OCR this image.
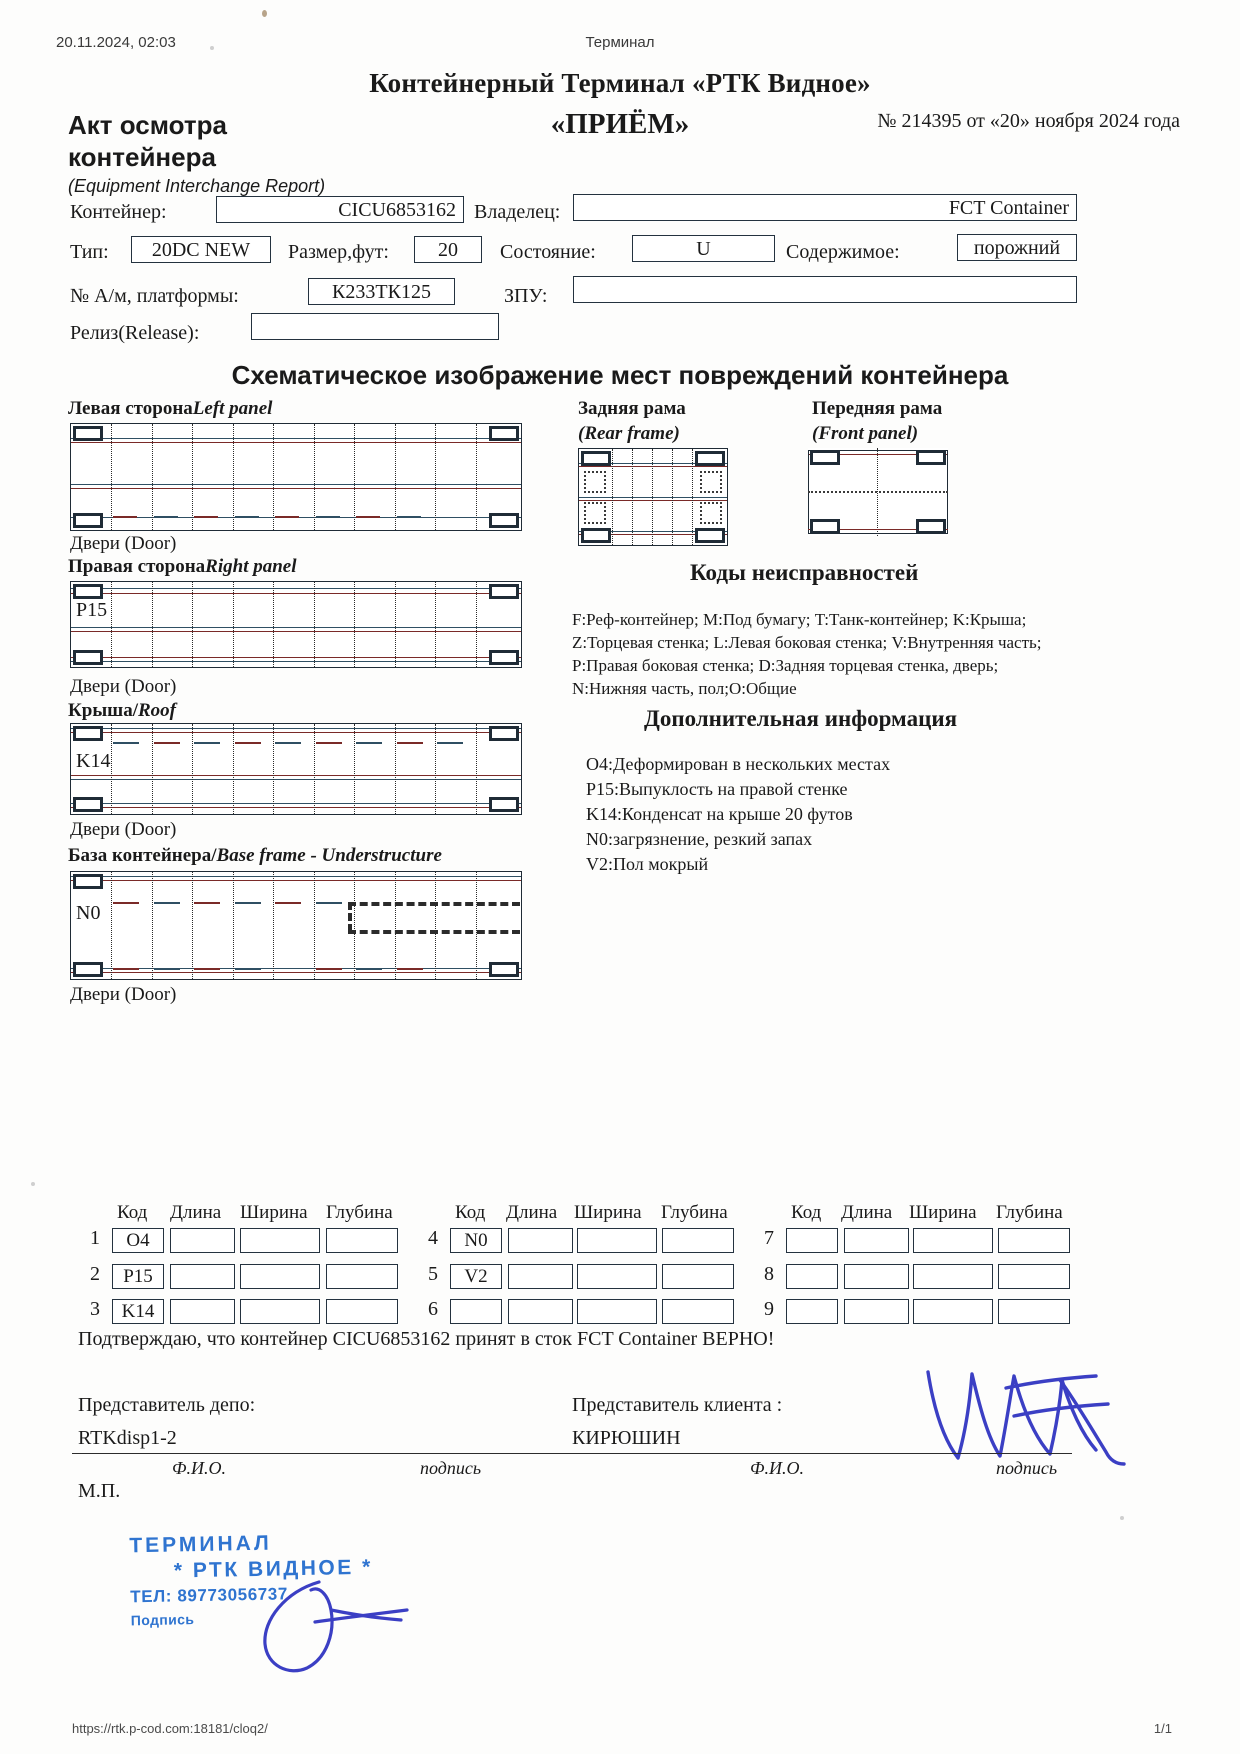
20.11.2024, 02:03	Терминал
Контейнерный Терминал «РТК Видное»
«ПРИЁМ»	№ 214395 от «20» ноября 2024 года
Акт осмотра контейнера
(Equipment Interchange Report)
Контейнер:	CICU6853162 Владелец:	FCT Container
Тип:	20DC NEW	Размер,фут:	20	Состояние:	U	Содержимое:	порожний
№ А/м, платформы:	К233ТК125	ЗПУ:
Релиз(Release):
Схематическое изображение мест повреждений контейнера
Левая сторонаLeft panel
Двери (Door)
Правая сторонаRight panel
P15
Двери (Door)
Крыша/Roof
K14
Двери (Door)
База контейнера/Base frame - Understructure
N0
Двери (Door)
Задняя рама
(Rear frame)
Передняя рама
(Front panel)
Коды неисправностей
F:Реф-контейнер; M:Под бумагу; T:Танк-контейнер; K:Крыша;
Z:Торцевая стенка; L:Левая боковая стенка; V:Внутренняя часть;
P:Правая боковая стенка; D:Задняя торцевая стенка, дверь;
N:Нижняя часть, пол;O:Общие
Дополнительная информация
O4:Деформирован в нескольких местах
P15:Выпуклость на правой стенке
K14:Конденсат на крыше 20 футов
N0:загрязнение, резкий запах
V2:Пол мокрый
Код Длина Ширина Глубина	Код Длина Ширина Глубина	Код Длина Ширина Глубина
1	O4
2	P15
3	K14
4	N0
5	V2
6
7
8
9
Подтверждаю, что контейнер CICU6853162 принят в сток FCT Container ВЕРНО!
Представитель депо:
RTKdisp1-2
Представитель клиента :
КИРЮШИН
Ф.И.О.	подпись	Ф.И.О.	подпись
М.П.
ТЕРМИНАЛ
* РТК ВИДНОЕ *
ТЕЛ: 89773056737
Подпись
https://rtk.p-cod.com:18181/cloq2/	1/1
